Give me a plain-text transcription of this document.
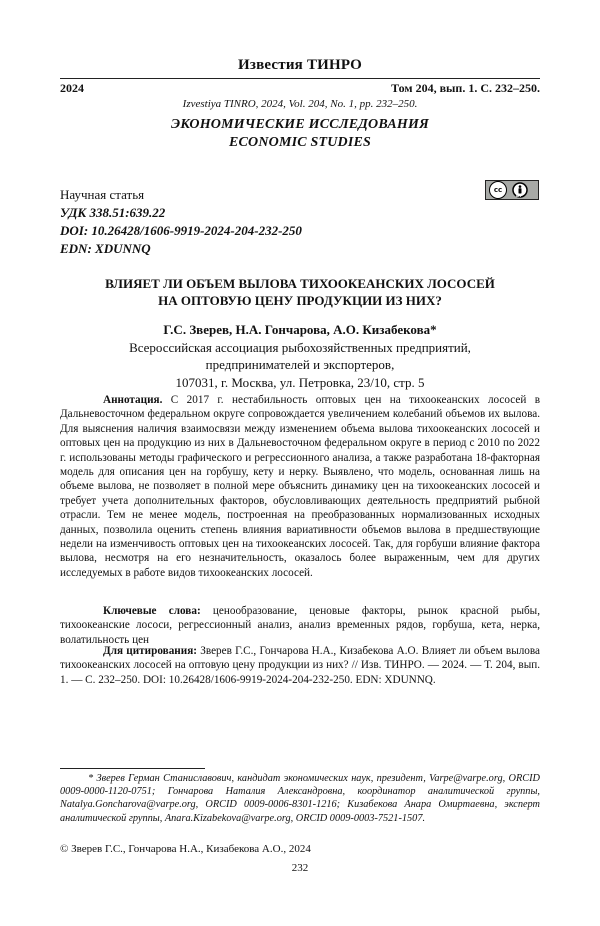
Известия ТИНРО
2024	Том 204, вып. 1. С. 232–250.
Izvestiya TINRO, 2024, Vol. 204, No. 1, pp. 232–250.
ЭКОНОМИЧЕСКИЕ ИССЛЕДОВАНИЯ
ECONOMIC STUDIES
Научная статья
УДК 338.51:639.22
DOI: 10.26428/1606-9919-2024-204-232-250
EDN: XDUNNQ
cc
BY
ВЛИЯЕТ ЛИ ОБЪЕМ ВЫЛОВА ТИХООКЕАНСКИХ ЛОСОСЕЙ
НА ОПТОВУЮ ЦЕНУ ПРОДУКЦИИ ИЗ НИХ?
Г.С. Зверев, Н.А. Гончарова, А.О. Кизабекова*
Всероссийская ассоциация рыбохозяйственных предприятий,
предпринимателей и экспортеров,
107031, г. Москва, ул. Петровка, 23/10, стр. 5
Аннотация. С 2017 г. нестабильность оптовых цен на тихоокеанских лососей в Дальневосточном федеральном округе сопровождается увеличением колебаний объемов их вылова. Для выяснения наличия взаимосвязи между изменением объема вылова тихоокеанских лососей и оптовых цен на продукцию из них в Дальневосточном федеральном округе в период с 2010 по 2022 г. использованы методы графического и регрессионного анализа, а также разработана 18-факторная модель для описания цен на горбушу, кету и нерку. Выявлено, что модель, основанная лишь на объеме вылова, не позволяет в полной мере объяснить динамику цен на тихоокеанских лососей и требует учета дополнительных факторов, обусловливающих деятельность предприятий рыбной отрасли. Тем не менее модель, построенная на преобразованных нормализованных исходных данных, позволила оценить степень влияния вариативности объемов вылова в предшествующие недели на изменчивость оптовых цен на тихоокеанских лососей. Так, для горбуши влияние фактора вылова, несмотря на его незначительность, оказалось более выраженным, чем для других исследуемых в работе видов тихоокеанских лососей.
Ключевые слова: ценообразование, ценовые факторы, рынок красной рыбы, тихоокеанские лососи, регрессионный анализ, анализ временных рядов, горбуша, кета, нерка, волатильность цен
Для цитирования: Зверев Г.С., Гончарова Н.А., Кизабекова А.О. Влияет ли объем вылова тихоокеанских лососей на оптовую цену продукции из них? // Изв. ТИНРО. — 2024. — Т. 204, вып. 1. — С. 232–250. DOI: 10.26428/1606-9919-2024-204-232-250. EDN: XDUNNQ.
* Зверев Герман Станиславович, кандидат экономических наук, президент, Varpe@varpe.org, ORCID 0009-0000-1120-0751; Гончарова Наталия Александровна, координатор аналитической группы, Natalya.Goncharova@varpe.org, ORCID 0009-0006-8301-1216; Кизабекова Анара Омиртаевна, эксперт аналитической группы, Anara.Kizabekova@varpe.org, ORCID 0009-0003-7521-1507.
© Зверев Г.С., Гончарова Н.А., Кизабекова А.О., 2024
232
